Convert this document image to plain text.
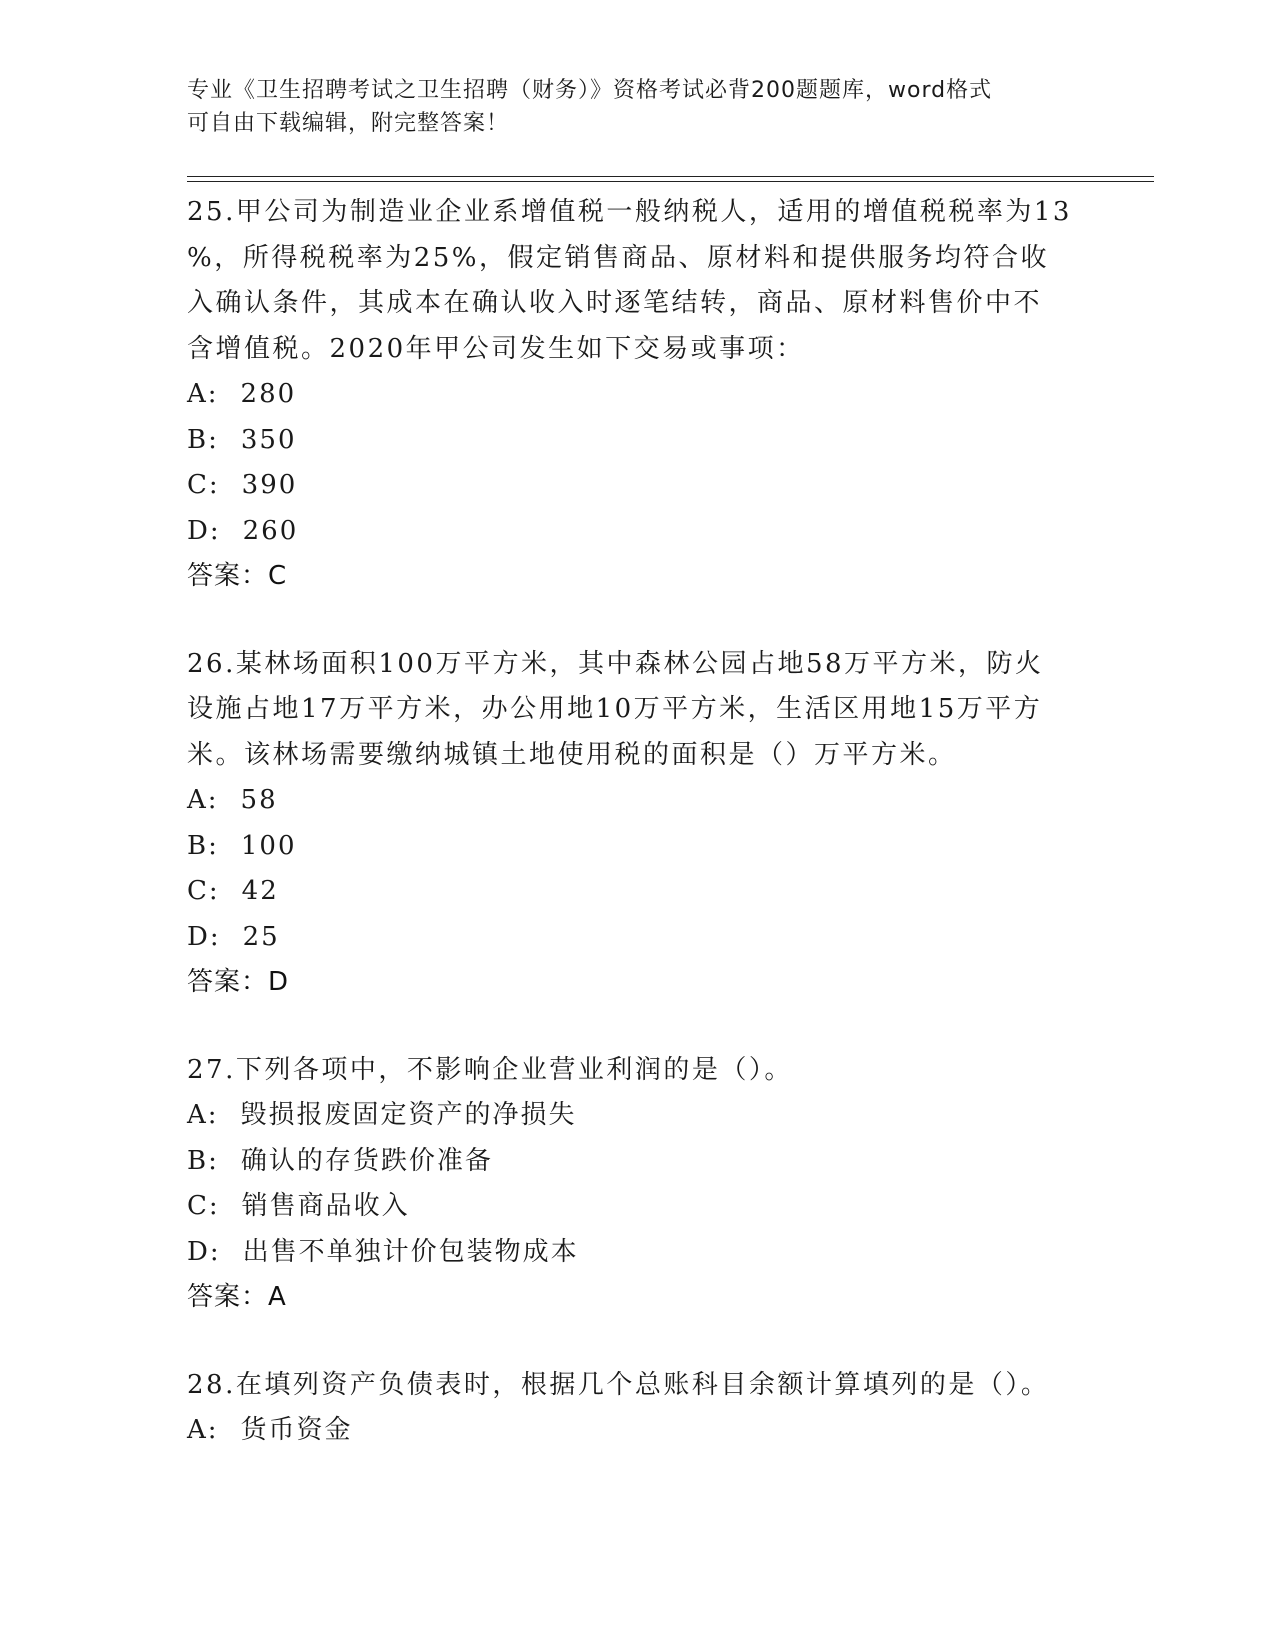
专业《卫生招聘考试之卫生招聘（财务）》资格考试必背200题题库，word格式
可自由下载编辑，附完整答案！
25.甲公司为制造业企业系增值税一般纳税人，适用的增值税税率为13
%，所得税税率为25%，假定销售商品、原材料和提供服务均符合收
入确认条件，其成本在确认收入时逐笔结转，商品、原材料售价中不
含增值税。2020年甲公司发生如下交易或事项：
A: 280
B: 350
C: 390
D: 260
答案：C
26.某林场面积100万平方米，其中森林公园占地58万平方米，防火
设施占地17万平方米，办公用地10万平方米，生活区用地15万平方
米。该林场需要缴纳城镇土地使用税的面积是（）万平方米。
A: 58
B: 100
C: 42
D: 25
答案：D
27.下列各项中，不影响企业营业利润的是（）。
A: 毁损报废固定资产的净损失
B: 确认的存货跌价准备
C: 销售商品收入
D: 出售不单独计价包装物成本
答案：A
28.在填列资产负债表时，根据几个总账科目余额计算填列的是（）。
A: 货币资金
